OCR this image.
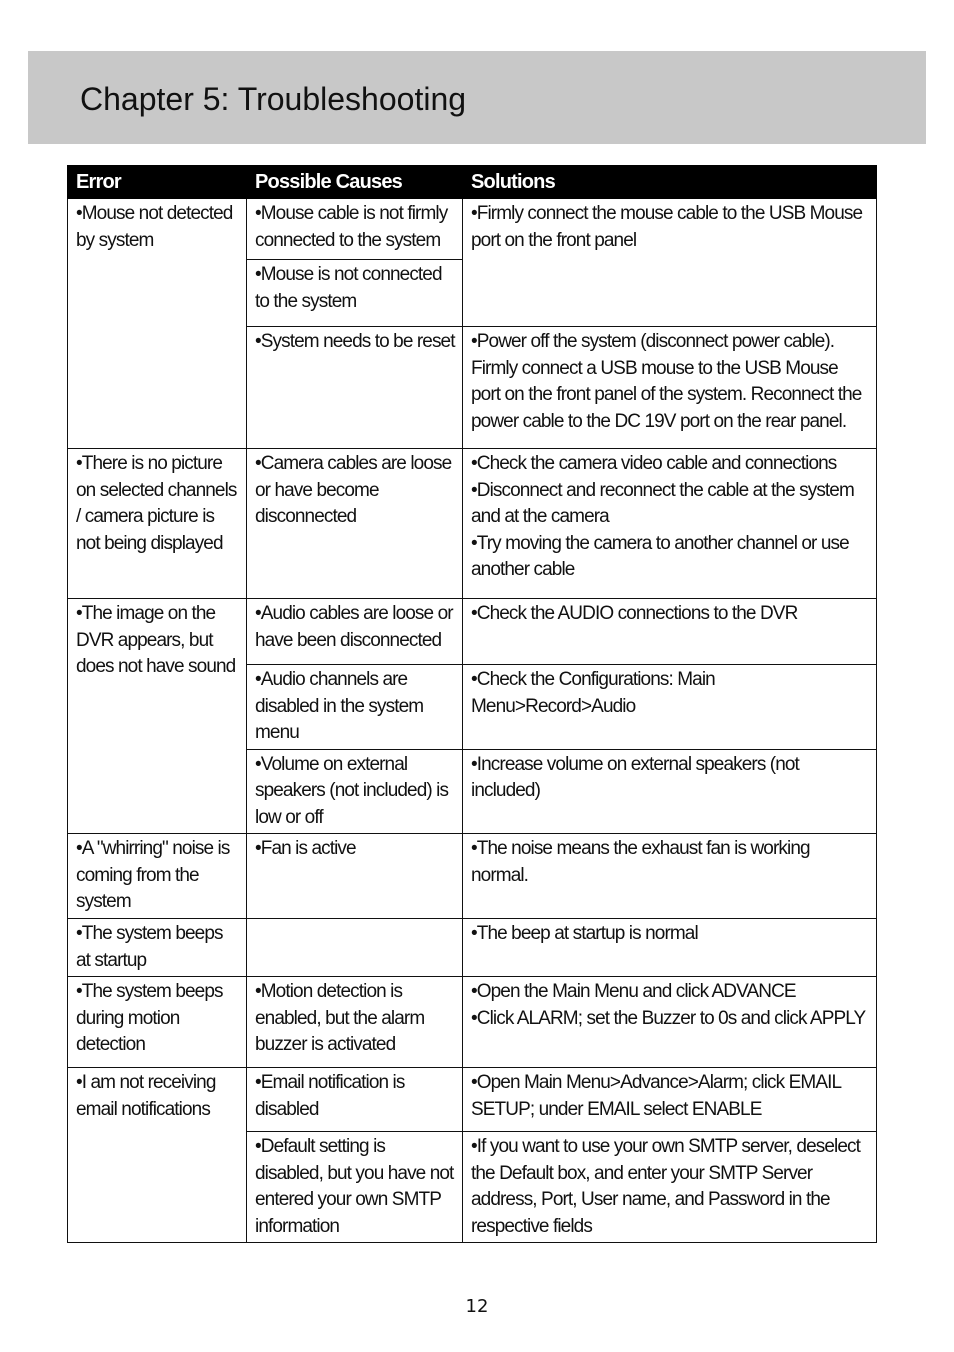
Chapter 5: Troubleshooting
Error	Possible Causes	Solutions
•Mouse not detected by system	•Mouse cable is not firmly connected to the system	•Firmly connect the mouse cable to the USB Mouse port on the front panel

	•Mouse is not connected to the system	
	•System needs to be reset	•Power off the system (disconnect power cable). Firmly connect a USB mouse to the USB Mouse port on the front panel of the system. Reconnect the power cable to the DC 19V port on the rear panel.

•There is no picture on selected channels / camera picture is not being displayed	•Camera cables are loose or have become disconnected	•Check the camera video cable and connections
•Disconnect and reconnect the cable at the system and at the camera
•Try moving the camera to another channel or use another cable

•The image on the DVR appears, but does not have sound	•Audio cables are loose or have been disconnected	•Check the AUDIO connections to the DVR

	•Audio channels are disabled in the system menu	•Check the Configurations: Main Menu>Record>Audio

	•Volume on external speakers (not included) is low or off	•Increase volume on external speakers (not included)

•A "whirring" noise is coming from the system	•Fan is active	•The noise means the exhaust fan is working normal.

•The system beeps at startup		•The beep at startup is normal

•The system beeps during motion detection	•Motion detection is enabled, but the alarm buzzer is activated	•Open the Main Menu and click ADVANCE
•Click ALARM; set the Buzzer to 0s and click APPLY

•I am not receiving email notifications	•Email notification is disabled	•Open Main Menu>Advance>Alarm; click EMAIL SETUP; under EMAIL select ENABLE

	•Default setting is disabled, but you have not entered your own SMTP information	•If you want to use your own SMTP server, deselect the Default box, and enter your SMTP Server address, Port, User name, and Password in the respective fields
12
